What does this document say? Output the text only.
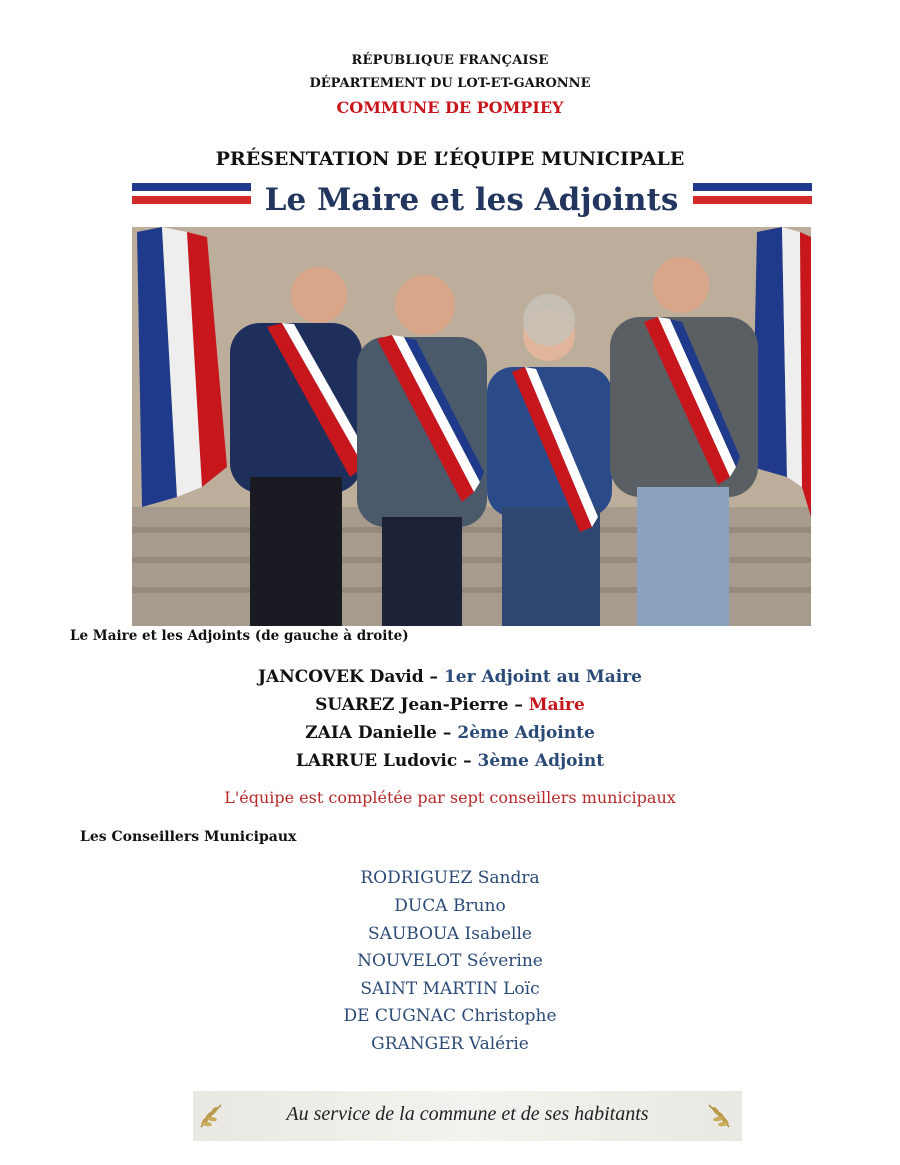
RÉPUBLIQUE FRANÇAISE
DÉPARTEMENT DU LOT-ET-GARONNE
COMMUNE DE POMPIEY
PRÉSENTATION DE L’ÉQUIPE MUNICIPALE
Le Maire et les Adjoints
Le Maire et les Adjoints (de gauche à droite)
JANCOVEK David – 1er Adjoint au Maire
SUAREZ Jean-Pierre – Maire
ZAIA Danielle – 2ème Adjointe
LARRUE Ludovic – 3ème Adjoint
L'équipe est complétée par sept conseillers municipaux
Les Conseillers Municipaux
RODRIGUEZ Sandra
DUCA Bruno
SAUBOUA Isabelle
NOUVELOT Séverine
SAINT MARTIN Loïc
DE CUGNAC Christophe
GRANGER Valérie
Au service de la commune et de ses habitants
